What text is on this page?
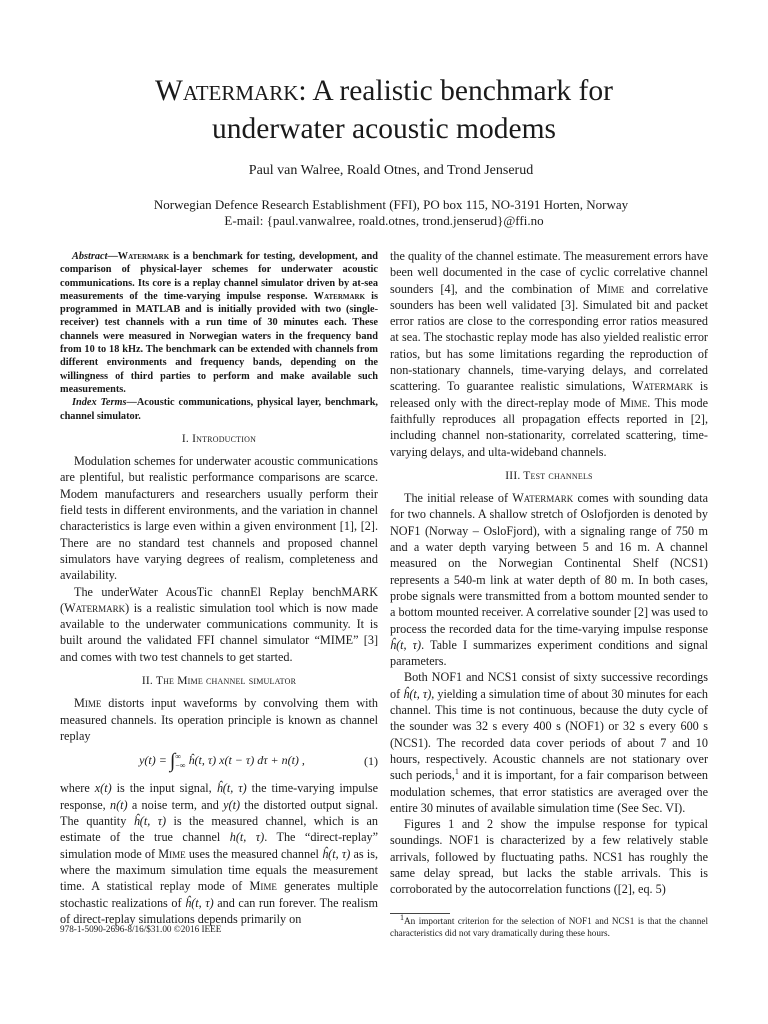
Watermark: A realistic benchmark for
underwater acoustic modems

Paul van Walree, Roald Otnes, and Trond Jenserud

Norwegian Defence Research Establishment (FFI), PO box 115, NO-3191 Horten, Norway
E-mail: {paul.vanwalree, roald.otnes, trond.jenserud}@ffi.no

Abstract—Watermark is a benchmark for testing, development, and comparison of physical-layer schemes for underwater acoustic communications. Its core is a replay channel simulator driven by at-sea measurements of the time-varying impulse response. Watermark is programmed in MATLAB and is initially provided with two (single-receiver) test channels with a run time of 30 minutes each. These channels were measured in Norwegian waters in the frequency band from 10 to 18 kHz. The benchmark can be extended with channels from different environments and frequency bands, depending on the willingness of third parties to perform and make available such measurements.

Index Terms—Acoustic communications, physical layer, benchmark, channel simulator.

I. Introduction

Modulation schemes for underwater acoustic communications are plentiful, but realistic performance comparisons are scarce. Modem manufacturers and researchers usually perform their field tests in different environments, and the variation in channel characteristics is large even within a given environment [1], [2]. There are no standard test channels and proposed channel simulators have varying degrees of realism, completeness and availability.

The underWater AcousTic channEl Replay benchMARK (Watermark) is a realistic simulation tool which is now made available to the underwater communications community. It is built around the validated FFI channel simulator “MIME” [3] and comes with two test channels to get started.

II. The Mime channel simulator

Mime distorts input waveforms by convolving them with measured channels. Its operation principle is known as channel replay

y(t) = ∫∞
−∞ ĥ(t, τ) x(t − τ) dτ + n(t) ,	(1)

where x(t) is the input signal, ĥ(t, τ) the time-varying impulse response, n(t) a noise term, and y(t) the distorted output signal. The quantity ĥ(t, τ) is the measured channel, which is an estimate of the true channel h(t, τ). The “direct-replay” simulation mode of Mime uses the measured channel ĥ(t, τ) as is, where the maximum simulation time equals the measurement time. A statistical replay mode of Mime generates multiple stochastic realizations of ĥ(t, τ) and can run forever. The realism of direct-replay simulations depends primarily on

the quality of the channel estimate. The measurement errors have been well documented in the case of cyclic correlative channel sounders [4], and the combination of Mime and correlative sounders has been well validated [3]. Simulated bit and packet error ratios are close to the corresponding error ratios measured at sea. The stochastic replay mode has also yielded realistic error ratios, but has some limitations regarding the reproduction of non-stationary channels, time-varying delays, and correlated scattering. To guarantee realistic simulations, Watermark is released only with the direct-replay mode of Mime. This mode faithfully reproduces all propagation effects reported in [2], including channel non-stationarity, correlated scattering, time-varying delays, and ulta-wideband channels.

III. Test channels

The initial release of Watermark comes with sounding data for two channels. A shallow stretch of Oslofjorden is denoted by NOF1 (Norway – OsloFjord), with a signaling range of 750 m and a water depth varying between 5 and 16 m. A channel measured on the Norwegian Continental Shelf (NCS1) represents a 540-m link at water depth of 80 m. In both cases, probe signals were transmitted from a bottom mounted sender to a bottom mounted receiver. A correlative sounder [2] was used to process the recorded data for the time-varying impulse response ĥ(t, τ). Table I summarizes experiment conditions and signal parameters.

Both NOF1 and NCS1 consist of sixty successive recordings of ĥ(t, τ), yielding a simulation time of about 30 minutes for each channel. This time is not continuous, because the duty cycle of the sounder was 32 s every 400 s (NOF1) or 32 s every 600 s (NCS1). The recorded data cover periods of about 7 and 10 hours, respectively. Acoustic channels are not stationary over such periods,$^1$ and it is important, for a fair comparison between modulation schemes, that error statistics are averaged over the entire 30 minutes of available simulation time (See Sec. VI).

Figures 1 and 2 show the impulse response for typical soundings. NOF1 is characterized by a few relatively stable arrivals, followed by fluctuating paths. NCS1 has roughly the same delay spread, but lacks the stable arrivals. This is corroborated by the autocorrelation functions ([2], eq. 5)

$^1$An important criterion for the selection of NOF1 and NCS1 is that the channel characteristics did not vary dramatically during these hours.
978-1-5090-2696-8/16/$31.00 ©2016 IEEE
